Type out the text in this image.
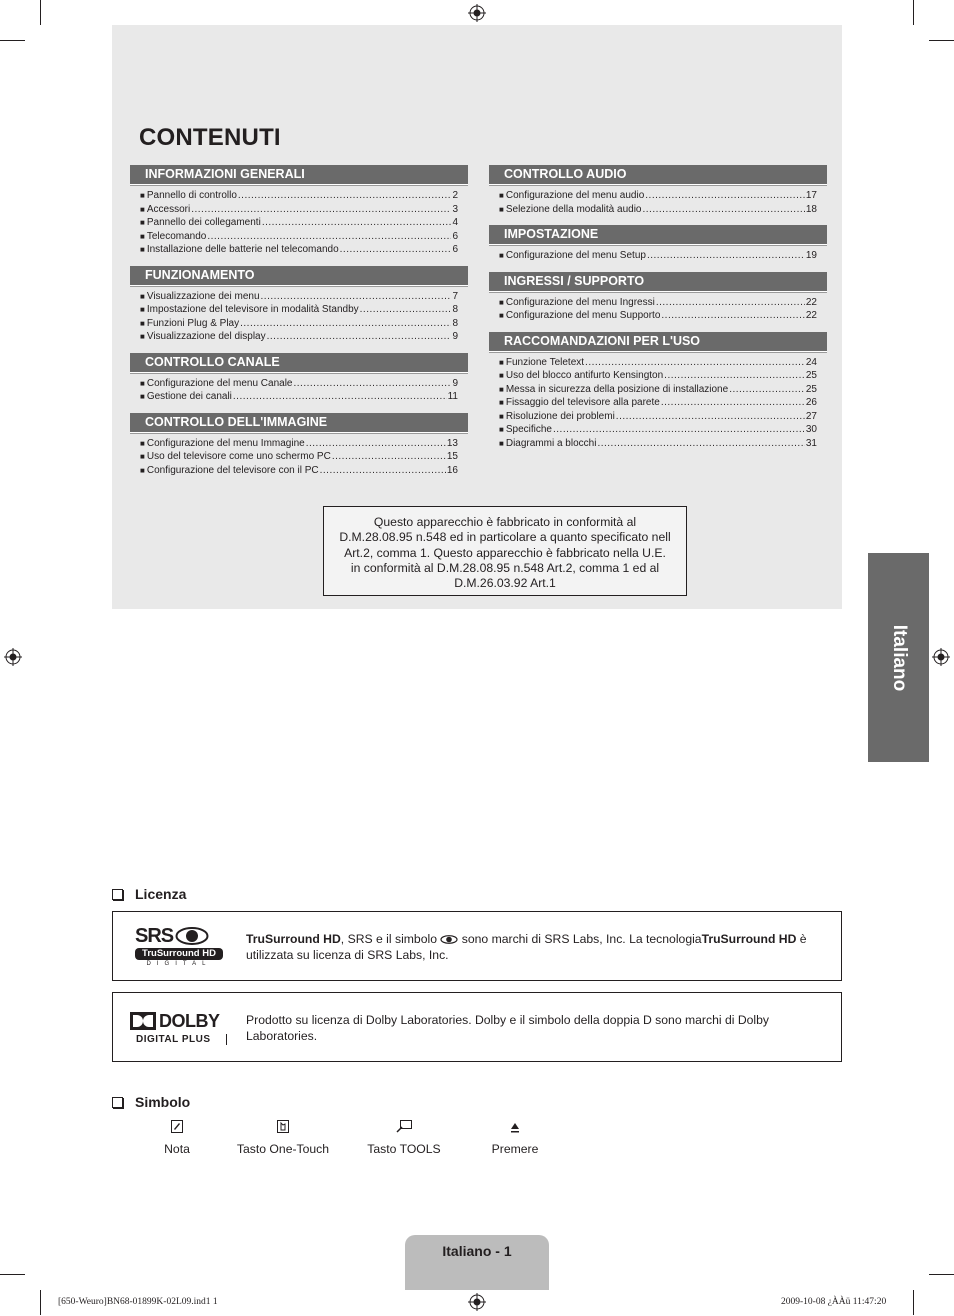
CONTENUTI
INFORMAZIONI GENERALI
■ Pannello di controllo .....	2
■ Accessori .....	3
■ Pannello dei collegamenti .....	4
■ Telecomando .....	6
■ Installazione delle batterie nel telecomando .....	6
FUNZIONAMENTO
■ Visualizzazione dei menu .....	7
■ Impostazione del televisore in modalità Standby .....	8
■ Funzioni Plug & Play .....	8
■ Visualizzazione del display .....	9
CONTROLLO CANALE
■ Configurazione del menu Canale .....	9
■ Gestione dei canali .....	11
CONTROLLO DELL'IMMAGINE
■ Configurazione del menu Immagine .....	13
■ Uso del televisore come uno schermo PC .....	15
■ Configurazione del televisore con il PC .....	16
CONTROLLO AUDIO
■ Configurazione del menu audio .....	17
■ Selezione della modalità audio .....	18
IMPOSTAZIONE
■ Configurazione del menu Setup .....	19
INGRESSI / SUPPORTO
■ Configurazione del menu Ingressi .....	22
■ Configurazione del menu Supporto .....	22
RACCOMANDAZIONI PER L'USO
■ Funzione Teletext .....	24
■ Uso del blocco antifurto Kensington .....	25
■ Messa in sicurezza della posizione di installazione .....	25
■ Fissaggio del televisore alla parete .....	26
■ Risoluzione dei problemi .....	27
■ Specifiche .....	30
■ Diagrammi a blocchi .....	31
Questo apparecchio è fabbricato in conformità al
D.M.28.08.95 n.548 ed in particolare a quanto specificato nell
Art.2, comma 1. Questo apparecchio è fabbricato nella U.E.
in conformità al D.M.28.08.95 n.548 Art.2, comma 1 ed al
D.M.26.03.92 Art.1
Italiano
Licenza
SRS
TruSurround HD
DIGITAL
TruSurround HD, SRS e il simbolo  sono marchi di SRS Labs, Inc. La tecnologiaTruSurround HD è utilizzata su licenza di SRS Labs, Inc.
DOLBY
DIGITAL PLUS
Prodotto su licenza di Dolby Laboratories. Dolby e il simbolo della doppia D sono marchi di Dolby Laboratories.
Simbolo
Nota	Tasto One-Touch	Tasto TOOLS	Premere
Italiano - 1
[650-Weuro]BN68-01899K-02L09.ind1 1	2009-10-08 ¿ÀÀü 11:47:20
